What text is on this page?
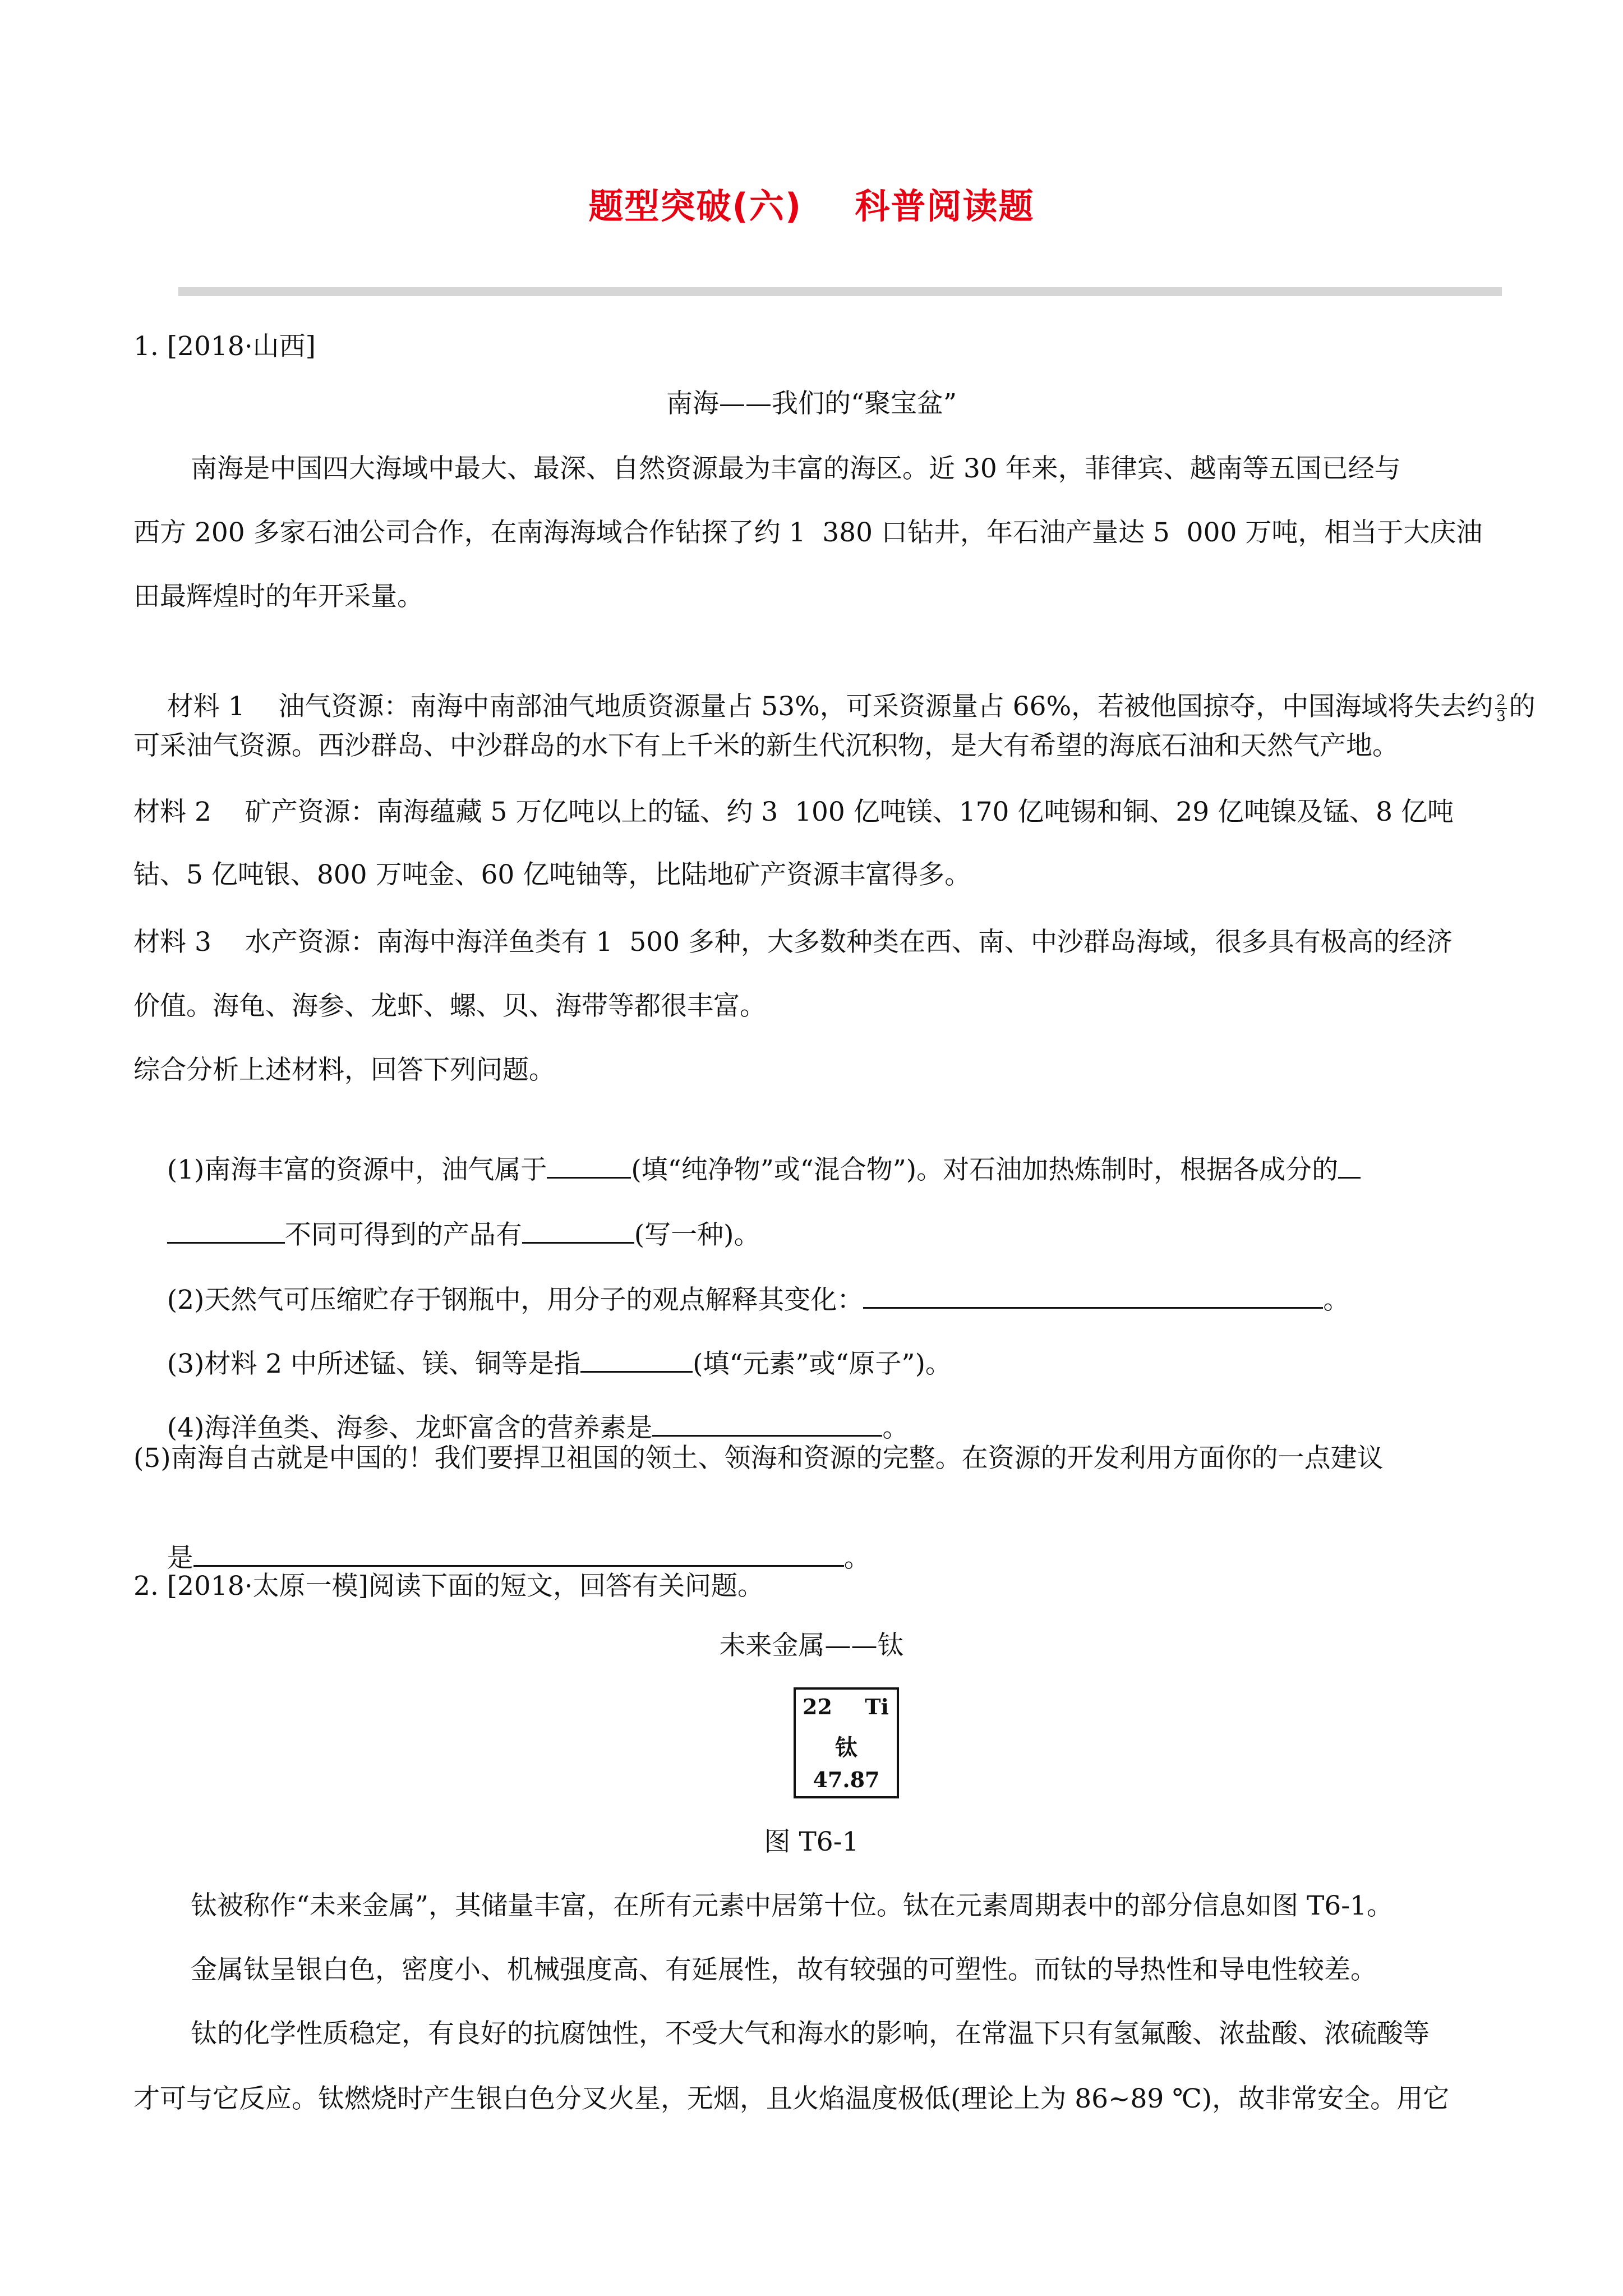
题型突破(六)    科普阅读题
1. [2018·山西]
南海——我们的“聚宝盆”
南海是中国四大海域中最大、最深、自然资源最为丰富的海区。近 30 年来，菲律宾、越南等五国已经与
西方 200 多家石油公司合作，在南海海域合作钻探了约 1  380 口钻井，年石油产量达 5  000 万吨，相当于大庆油
田最辉煌时的年开采量。

材料 1    油气资源：南海中南部油气地质资源量占 53%，可采资源量占 66%，若被他国掠夺，中国海域将失去约 $\frac{2}{3}$ 的

可采油气资源。西沙群岛、中沙群岛的水下有上千米的新生代沉积物，是大有希望的海底石油和天然气产地。
材料 2    矿产资源：南海蕴藏 5 万亿吨以上的锰、约 3  100 亿吨镁、170 亿吨锡和铜、29 亿吨镍及锰、8 亿吨
钴、5 亿吨银、800 万吨金、60 亿吨铀等，比陆地矿产资源丰富得多。
材料 3    水产资源：南海中海洋鱼类有 1  500 多种，大多数种类在西、南、中沙群岛海域，很多具有极高的经济
价值。海龟、海参、龙虾、螺、贝、海带等都很丰富。
综合分析上述材料，回答下列问题。

(1)南海丰富的资源中，油气属于	(填“纯净物”或“混合物”)。对石油加热炼制时，根据各成分的

不同可得到的产品有	(写一种)。

(2)天然气可压缩贮存于钢瓶中，用分子的观点解释其变化：	。

(3)材料 2 中所述锰、镁、铜等是指	(填“元素”或“原子”)。

(4)海洋鱼类、海参、龙虾富含的营养素是	。

(5)南海自古就是中国的！我们要捍卫祖国的领土、领海和资源的完整。在资源的开发利用方面你的一点建议

是	。

2. [2018·太原一模]阅读下面的短文，回答有关问题。
未来金属——钛
22 Ti
钛
47.87
图 T6-1
钛被称作“未来金属”，其储量丰富，在所有元素中居第十位。钛在元素周期表中的部分信息如图 T6-1。
金属钛呈银白色，密度小、机械强度高、有延展性，故有较强的可塑性。而钛的导热性和导电性较差。
钛的化学性质稳定，有良好的抗腐蚀性，不受大气和海水的影响，在常温下只有氢氟酸、浓盐酸、浓硫酸等
才可与它反应。钛燃烧时产生银白色分叉火星，无烟，且火焰温度极低(理论上为 86~89 ℃)，故非常安全。用它
